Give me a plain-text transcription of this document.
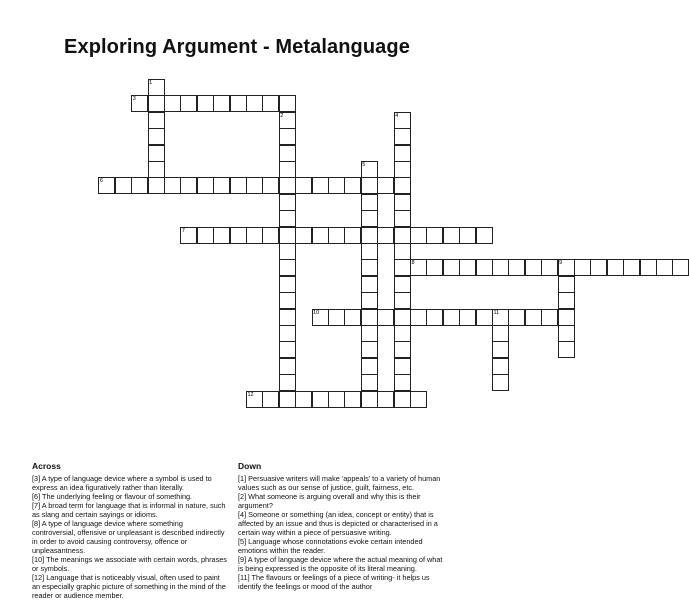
Exploring Argument - Metalanguage
1
2
3
4
5
6
7
8	9
10	11
12
Across

[3] A type of language device where a symbol is used to express an idea figuratively rather than literally.

[6] The underlying feeling or flavour of something.

[7] A broad term for language that is informal in nature, such as slang and certain sayings or idioms.

[8] A type of language device where something controversial, offensive or unpleasant is described indirectly in order to avoid causing controversy, offence or unpleasantness.

[10] The meanings we associate with certain words, phrases or symbols.

[12] Language that is noticeably visual, often used to paint an especially graphic picture of something in the mind of the reader or audience member.

Down

[1] Persuasive writers will make 'appeals' to a variety of human values such as our sense of justice, guilt, fairness, etc.

[2] What someone is arguing overall and why this is their argument?

[4] Someone or something (an idea, concept or entity) that is affected by an issue and thus is depicted or characterised in a certain way within a piece of persuasive writing.

[5] Language whose connotations evoke certain intended emotions within the reader.

[9] A type of language device where the actual meaning of what is being expressed is the opposite of its literal meaning.

[11] The flavours or feelings of a piece of writing- it helps us identify the feelings or mood of the author
